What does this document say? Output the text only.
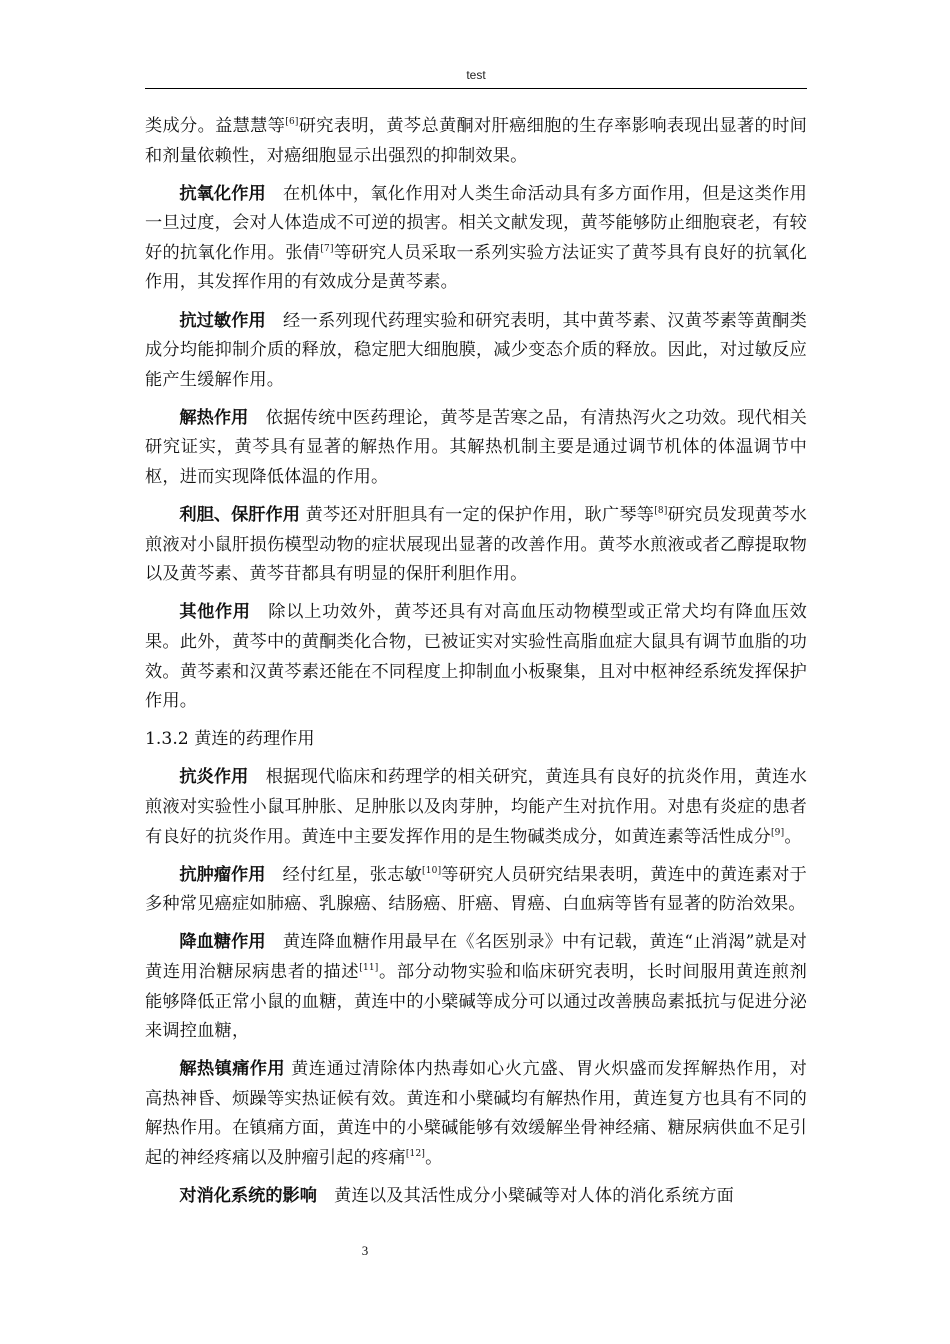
test

类成分。益慧慧等[6]研究表明，黄芩总黄酮对肝癌细胞的生存率影响表现出显著的时间和剂量依赖性，对癌细胞显示出强烈的抑制效果。

抗氧化作用 在机体中，氧化作用对人类生命活动具有多方面作用，但是这类作用一旦过度，会对人体造成不可逆的损害。相关文献发现，黄芩能够防止细胞衰老，有较好的抗氧化作用。张倩[7]等研究人员采取一系列实验方法证实了黄芩具有良好的抗氧化作用，其发挥作用的有效成分是黄芩素。

抗过敏作用 经一系列现代药理实验和研究表明，其中黄芩素、汉黄芩素等黄酮类成分均能抑制介质的释放，稳定肥大细胞膜，减少变态介质的释放。因此，对过敏反应能产生缓解作用。

解热作用 依据传统中医药理论，黄芩是苦寒之品，有清热泻火之功效。现代相关研究证实，黄芩具有显著的解热作用。其解热机制主要是通过调节机体的体温调节中枢，进而实现降低体温的作用。

利胆、保肝作用 黄芩还对肝胆具有一定的保护作用，耿广琴等[8]研究员发现黄芩水煎液对小鼠肝损伤模型动物的症状展现出显著的改善作用。黄芩水煎液或者乙醇提取物以及黄芩素、黄芩苷都具有明显的保肝利胆作用。

其他作用 除以上功效外，黄芩还具有对高血压动物模型或正常犬均有降血压效果。此外，黄芩中的黄酮类化合物，已被证实对实验性高脂血症大鼠具有调节血脂的功效。黄芩素和汉黄芩素还能在不同程度上抑制血小板聚集，且对中枢神经系统发挥保护作用。

1.3.2 黄连的药理作用

抗炎作用 根据现代临床和药理学的相关研究，黄连具有良好的抗炎作用，黄连水煎液对实验性小鼠耳肿胀、足肿胀以及肉芽肿，均能产生对抗作用。对患有炎症的患者有良好的抗炎作用。黄连中主要发挥作用的是生物碱类成分，如黄连素等活性成分[9]。

抗肿瘤作用 经付红星，张志敏[10]等研究人员研究结果表明，黄连中的黄连素对于多种常见癌症如肺癌、乳腺癌、结肠癌、肝癌、胃癌、白血病等皆有显著的防治效果。

降血糖作用 黄连降血糖作用最早在《名医别录》中有记载，黄连“止消渴”就是对黄连用治糖尿病患者的描述[11]。部分动物实验和临床研究表明，长时间服用黄连煎剂能够降低正常小鼠的血糖，黄连中的小檗碱等成分可以通过改善胰岛素抵抗与促进分泌来调控血糖，

解热镇痛作用 黄连通过清除体内热毒如心火亢盛、胃火炽盛而发挥解热作用，对高热神昏、烦躁等实热证候有效。黄连和小檗碱均有解热作用，黄连复方也具有不同的解热作用。在镇痛方面，黄连中的小檗碱能够有效缓解坐骨神经痛、糖尿病供血不足引起的神经疼痛以及肿瘤引起的疼痛[12]。

对消化系统的影响 黄连以及其活性成分小檗碱等对人体的消化系统方面

3
